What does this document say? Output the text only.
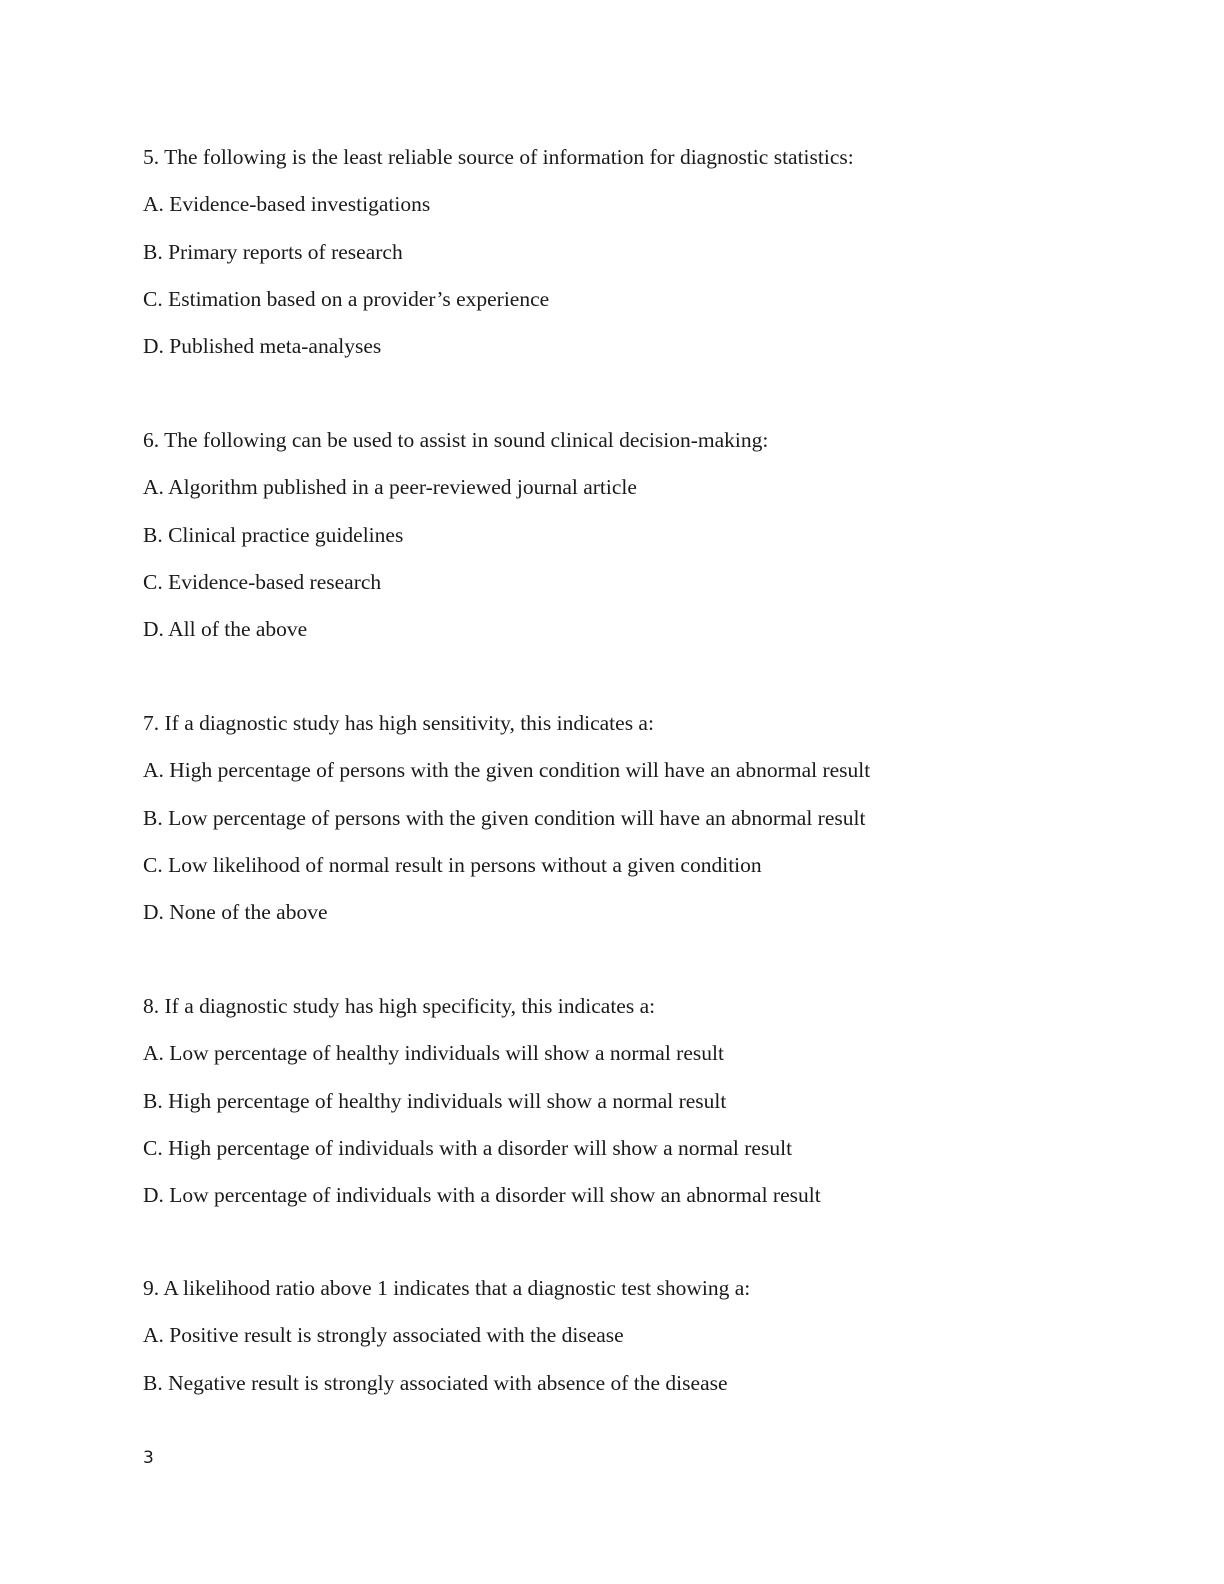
5. The following is the least reliable source of information for diagnostic statistics:
A. Evidence-based investigations
B. Primary reports of research
C. Estimation based on a provider’s experience
D. Published meta-analyses
6. The following can be used to assist in sound clinical decision-making:
A. Algorithm published in a peer-reviewed journal article
B. Clinical practice guidelines
C. Evidence-based research
D. All of the above
7. If a diagnostic study has high sensitivity, this indicates a:
A. High percentage of persons with the given condition will have an abnormal result
B. Low percentage of persons with the given condition will have an abnormal result
C. Low likelihood of normal result in persons without a given condition
D. None of the above
8. If a diagnostic study has high specificity, this indicates a:
A. Low percentage of healthy individuals will show a normal result
B. High percentage of healthy individuals will show a normal result
C. High percentage of individuals with a disorder will show a normal result
D. Low percentage of individuals with a disorder will show an abnormal result
9. A likelihood ratio above 1 indicates that a diagnostic test showing a:
A. Positive result is strongly associated with the disease
B. Negative result is strongly associated with absence of the disease
3
